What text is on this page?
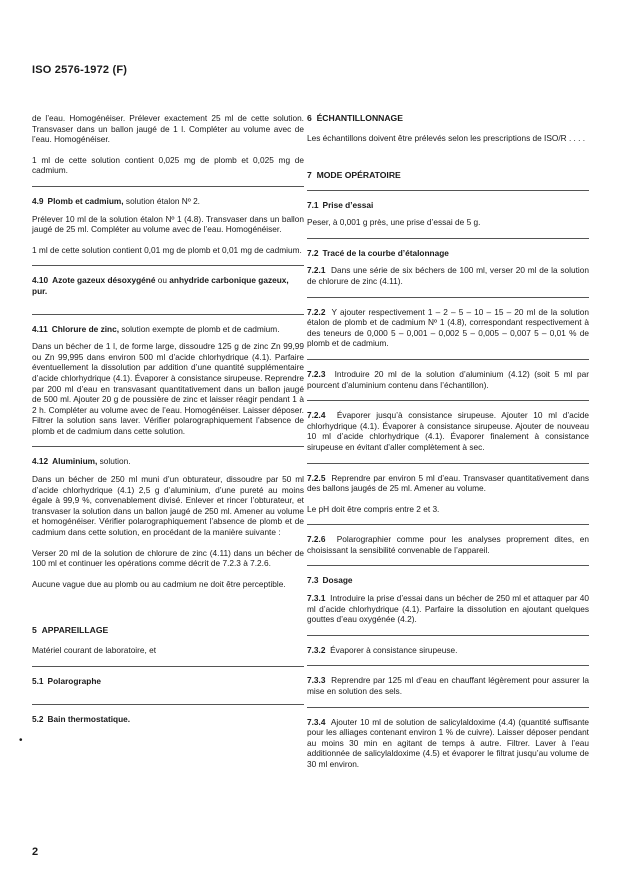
ISO 2576-1972 (F)

de l’eau. Homogénéiser. Prélever exactement 25 ml de cette solution. Transvaser dans un ballon jaugé de 1 l. Compléter au volume avec de l’eau. Homogénéiser.

1 ml de cette solution contient 0,025 mg de plomb et 0,025 mg de cadmium.

4.9 Plomb et cadmium, solution étalon Nº 2.

Prélever 10 ml de la solution étalon Nº 1 (4.8). Transvaser dans un ballon jaugé de 25 ml. Compléter au volume avec de l’eau. Homogénéiser.

1 ml de cette solution contient 0,01 mg de plomb et 0,01 mg de cadmium.

4.10 Azote gazeux désoxygéné ou anhydride carbonique gazeux, pur.
4.11 Chlorure de zinc, solution exempte de plomb et de cadmium.

Dans un bécher de 1 l, de forme large, dissoudre 125 g de zinc Zn 99,99 ou Zn 99,995 dans environ 500 ml d’acide chlorhydrique (4.1). Parfaire éventuellement la dissolution par addition d’une quantité supplémentaire d’acide chlorhydrique (4.1). Évaporer à consistance sirupeuse. Reprendre par 200 ml d’eau en transvasant quantitativement dans un ballon jaugé de 500 ml. Ajouter 20 g de poussière de zinc et laisser réagir pendant 1 à 2 h. Compléter au volume avec de l’eau. Homogénéiser. Laisser déposer. Filtrer la solution sans laver. Vérifier polarographiquement l’absence de plomb et de cadmium dans cette solution.

4.12 Aluminium, solution.

Dans un bécher de 250 ml muni d’un obturateur, dissoudre par 50 ml d’acide chlorhydrique (4.1) 2,5 g d’aluminium, d’une pureté au moins égale à 99,9 %, convenablement divisé. Enlever et rincer l’obturateur, et transvaser la solution dans un ballon jaugé de 250 ml. Amener au volume et homogénéiser. Vérifier polarographiquement l’absence de plomb et de cadmium dans cette solution, en procédant de la manière suivante :

Verser 20 ml de la solution de chlorure de zinc (4.11) dans un bécher de 100 ml et continuer les opérations comme décrit de 7.2.3 à 7.2.6.

Aucune vague due au plomb ou au cadmium ne doit être perceptible.

5 APPAREILLAGE

Matériel courant de laboratoire, et

5.1 Polarographe
5.2 Bain thermostatique.
6 ÉCHANTILLONNAGE

Les échantillons doivent être prélevés selon les prescriptions de ISO/R . . . .

7 MODE OPÉRATOIRE
7.1 Prise d’essai

Peser, à 0,001 g près, une prise d’essai de 5 g.

7.2 Tracé de la courbe d’étalonnage

7.2.1 Dans une série de six béchers de 100 ml, verser 20 ml de la solution de chlorure de zinc (4.11).

7.2.2 Y ajouter respectivement 1 – 2 – 5 – 10 – 15 – 20 ml de la solution étalon de plomb et de cadmium Nº 1 (4.8), correspondant respectivement à des teneurs de 0,000 5 – 0,001 – 0,002 5 – 0,005 – 0,007 5 – 0,01 % de plomb et de cadmium.

7.2.3 Introduire 20 ml de la solution d’aluminium (4.12) (soit 5 ml par pourcent d’aluminium contenu dans l’échantillon).

7.2.4 Évaporer jusqu’à consistance sirupeuse. Ajouter 10 ml d’acide chlorhydrique (4.1). Évaporer à consistance sirupeuse. Ajouter de nouveau 10 ml d’acide chlorhydrique (4.1). Évaporer finalement à consistance sirupeuse en évitant d’aller complètement à sec.

7.2.5 Reprendre par environ 5 ml d’eau. Transvaser quantitativement dans des ballons jaugés de 25 ml. Amener au volume.

Le pH doit être compris entre 2 et 3.

7.2.6 Polarographier comme pour les analyses proprement dites, en choisissant la sensibilité convenable de l’appareil.

7.3 Dosage

7.3.1 Introduire la prise d’essai dans un bécher de 250 ml et attaquer par 40 ml d’acide chlorhydrique (4.1). Parfaire la dissolution en ajoutant quelques gouttes d’eau oxygénée (4.2).

7.3.2 Évaporer à consistance sirupeuse.

7.3.3 Reprendre par 125 ml d’eau en chauffant légèrement pour assurer la mise en solution des sels.

7.3.4 Ajouter 10 ml de solution de salicylaldoxime (4.4) (quantité suffisante pour les alliages contenant environ 1 % de cuivre). Laisser déposer pendant au moins 30 min en agitant de temps à autre. Filtrer. Laver à l’eau additionnée de salicylaldoxime (4.5) et évaporer le filtrat jusqu’au volume de 30 ml environ.

•
2
